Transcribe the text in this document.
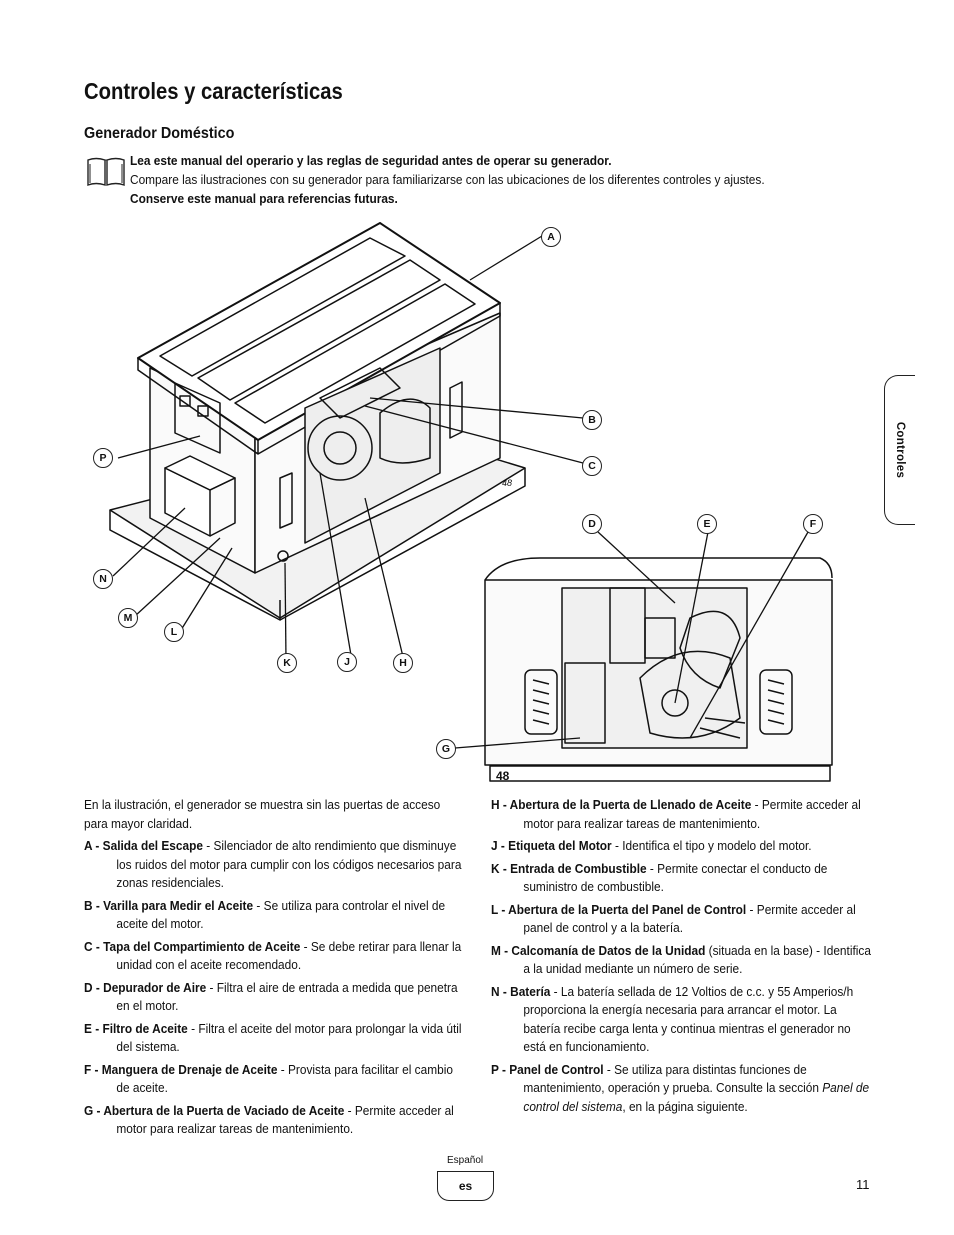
Controles y características
Generador Doméstico
Lea este manual del operario y las reglas de seguridad antes de operar su generador.
Compare las ilustraciones con su generador para familiarizarse con las ubicaciones de los diferentes controles y ajustes. Conserve este manual para referencias futuras.
Controles
48
48
A
B
C
D	E	F
G
H
J
K
L
M
N
P

En la ilustración, el generador se muestra sin las puertas de acceso para mayor claridad.

A - Salida del Escape - Silenciador de alto rendimiento que disminuye los ruidos del motor para cumplir con los códigos necesarios para zonas residenciales.

B - Varilla para Medir el Aceite - Se utiliza para controlar el nivel de aceite del motor.

C - Tapa del Compartimiento de Aceite - Se debe retirar para llenar la unidad con el aceite recomendado.

D - Depurador de Aire - Filtra el aire de entrada a medida que penetra en el motor.

E - Filtro de Aceite - Filtra el aceite del motor para prolongar la vida útil del sistema.

F - Manguera de Drenaje de Aceite - Provista para facilitar el cambio de aceite.

G - Abertura de la Puerta de Vaciado de Aceite - Permite acceder al motor para realizar tareas de mantenimiento.

H - Abertura de la Puerta de Llenado de Aceite - Permite acceder al motor para realizar tareas de mantenimiento.

J - Etiqueta del Motor - Identifica el tipo y modelo del motor.

K - Entrada de Combustible - Permite conectar el conducto de suministro de combustible.

L - Abertura de la Puerta del Panel de Control - Permite acceder al panel de control y a la batería.

M - Calcomanía de Datos de la Unidad (situada en la base) - Identifica a la unidad mediante un número de serie.

N - Batería - La batería sellada de 12 Voltios de c.c. y 55 Amperios/h proporciona la energía necesaria para arrancar el motor. La batería recibe carga lenta y continua mientras el generador no está en funcionamiento.

P - Panel de Control - Se utiliza para distintas funciones de mantenimiento, operación y prueba. Consulte la sección Panel de control del sistema, en la página siguiente.

Español
es	11
